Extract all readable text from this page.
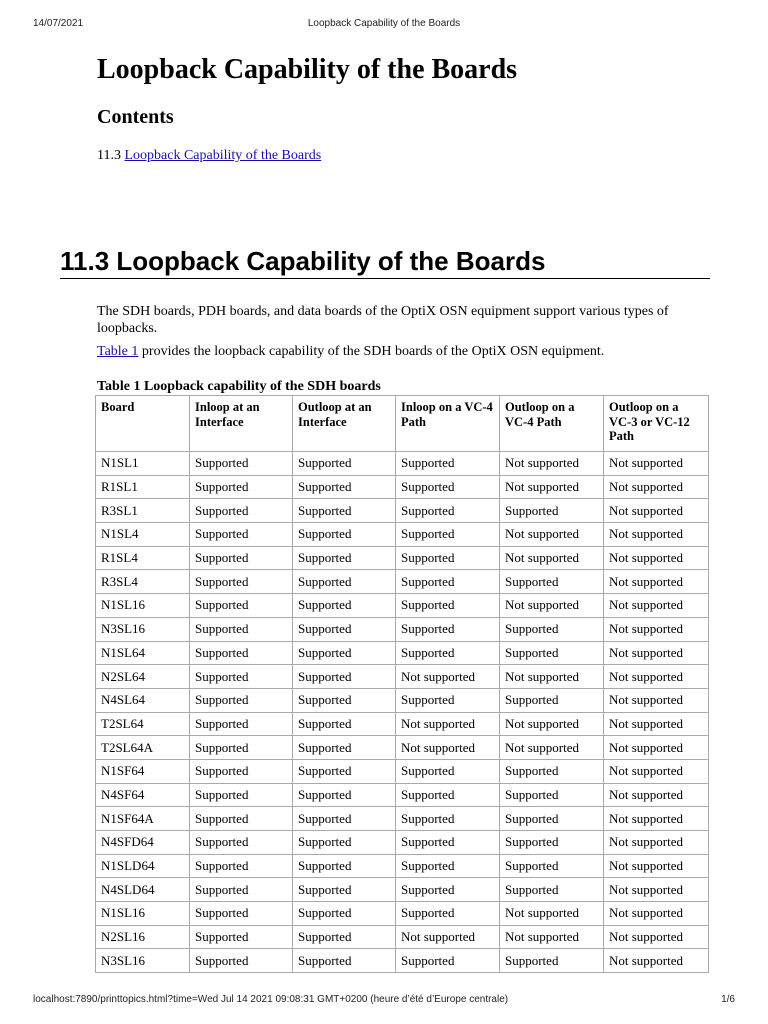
14/07/2021	Loopback Capability of the Boards
Loopback Capability of the Boards
Contents
11.3 Loopback Capability of the Boards
11.3 Loopback Capability of the Boards

The SDH boards, PDH boards, and data boards of the OptiX OSN equipment support various types of loopbacks.

Table 1 provides the loopback capability of the SDH boards of the OptiX OSN equipment.

Table 1 Loopback capability of the SDH boards

Board	Inloop at an Interface	Outloop at an Interface	Inloop on a VC-4 Path	Outloop on a VC-4 Path	Outloop on a VC-3 or VC-12 Path
N1SL1	Supported	Supported	Supported	Not supported	Not supported
R1SL1	Supported	Supported	Supported	Not supported	Not supported
R3SL1	Supported	Supported	Supported	Supported	Not supported
N1SL4	Supported	Supported	Supported	Not supported	Not supported
R1SL4	Supported	Supported	Supported	Not supported	Not supported
R3SL4	Supported	Supported	Supported	Supported	Not supported
N1SL16	Supported	Supported	Supported	Not supported	Not supported
N3SL16	Supported	Supported	Supported	Supported	Not supported
N1SL64	Supported	Supported	Supported	Supported	Not supported
N2SL64	Supported	Supported	Not supported	Not supported	Not supported
N4SL64	Supported	Supported	Supported	Supported	Not supported
T2SL64	Supported	Supported	Not supported	Not supported	Not supported
T2SL64A	Supported	Supported	Not supported	Not supported	Not supported
N1SF64	Supported	Supported	Supported	Supported	Not supported
N4SF64	Supported	Supported	Supported	Supported	Not supported
N1SF64A	Supported	Supported	Supported	Supported	Not supported
N4SFD64	Supported	Supported	Supported	Supported	Not supported
N1SLD64	Supported	Supported	Supported	Supported	Not supported
N4SLD64	Supported	Supported	Supported	Supported	Not supported
N1SL16	Supported	Supported	Supported	Not supported	Not supported
N2SL16	Supported	Supported	Not supported	Not supported	Not supported
N3SL16	Supported	Supported	Supported	Supported	Not supported
localhost:7890/printtopics.html?time=Wed Jul 14 2021 09:08:31 GMT+0200 (heure d’été d’Europe centrale)	1/6
